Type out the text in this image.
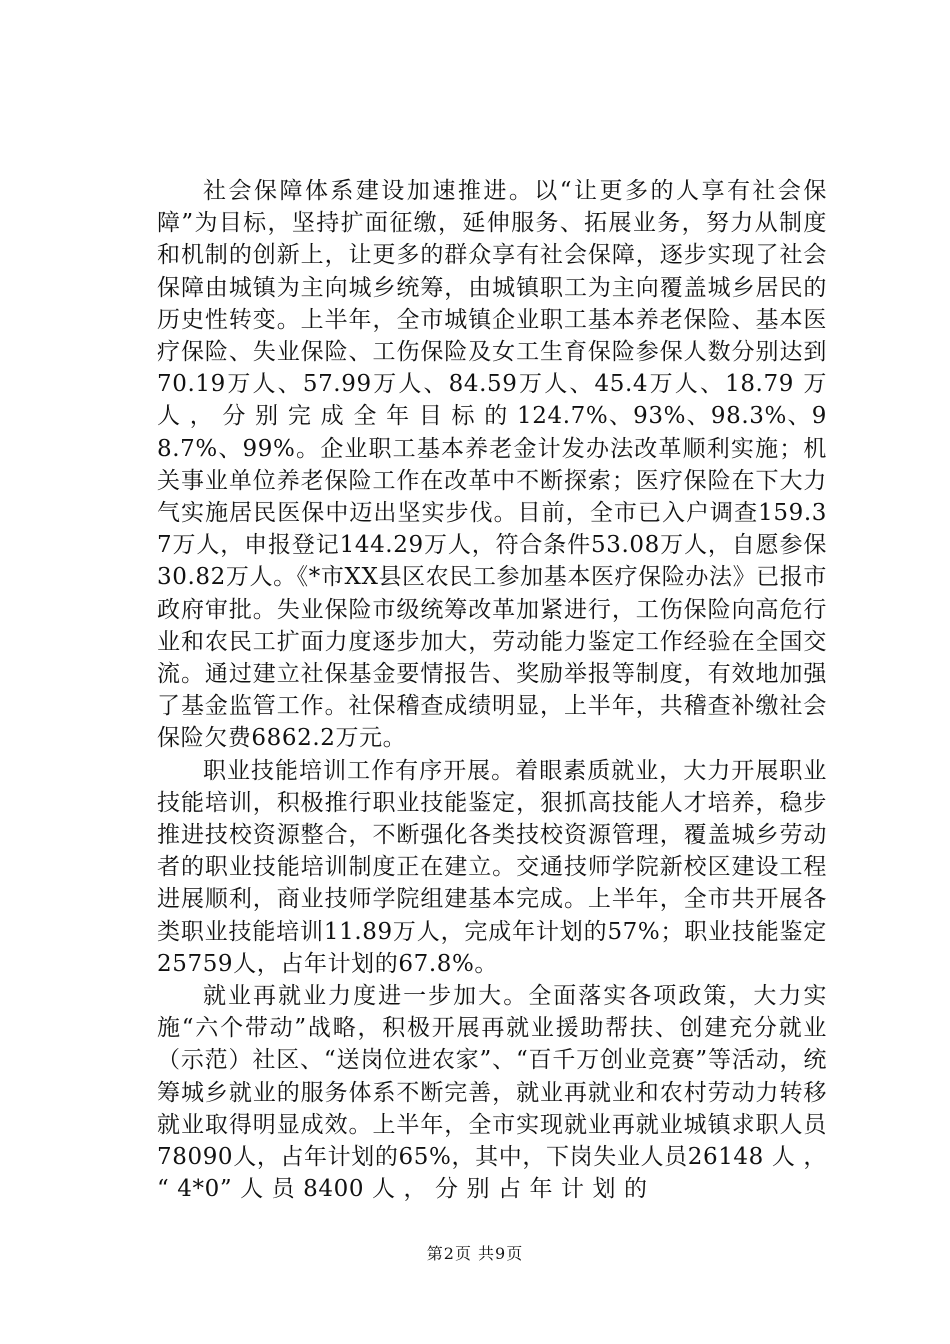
社会保障体系建设加速推进。以“让更多的人享有社会保障”为目标，坚持扩面征缴，延伸服务、拓展业务，努力从制度和机制的创新上，让更多的群众享有社会保障，逐步实现了社会保障由城镇为主向城乡统筹，由城镇职工为主向覆盖城乡居民的历史性转变。上半年，全市城镇企业职工基本养老保险、基本医疗保险、失业保险、工伤保险及女工生育保险参保人数分别达到70.19万人、57.99万人、84.59万人、45.4万人、18.79 万 人 ， 分 别 完 成 全 年 目 标 的 124.7%、93%、98.3%、98.7%、99%。企业职工基本养老金计发办法改革顺利实施；机关事业单位养老保险工作在改革中不断探索；医疗保险在下大力气实施居民医保中迈出坚实步伐。目前，全市已入户调查159.37万人，申报登记144.29万人，符合条件53.08万人，自愿参保30.82万人。《*市XX县区农民工参加基本医疗保险办法》已报市政府审批。失业保险市级统筹改革加紧进行，工伤保险向高危行业和农民工扩面力度逐步加大，劳动能力鉴定工作经验在全国交流。通过建立社保基金要情报告、奖励举报等制度，有效地加强了基金监管工作。社保稽查成绩明显，上半年，共稽查补缴社会保险欠费6862.2万元。

职业技能培训工作有序开展。着眼素质就业，大力开展职业技能培训，积极推行职业技能鉴定，狠抓高技能人才培养，稳步推进技校资源整合，不断强化各类技校资源管理，覆盖城乡劳动者的职业技能培训制度正在建立。交通技师学院新校区建设工程进展顺利，商业技师学院组建基本完成。上半年，全市共开展各类职业技能培训11.89万人，完成年计划的57%；职业技能鉴定25759人，占年计划的67.8%。

就业再就业力度进一步加大。全面落实各项政策，大力实施“六个带动”战略，积极开展再就业援助帮扶、创建充分就业（示范）社区、“送岗位进农家”、“百千万创业竞赛”等活动，统筹城乡就业的服务体系不断完善，就业再就业和农村劳动力转移就业取得明显成效。上半年，全市实现就业再就业城镇求职人员78090人，占年计划的65%，其中，下岗失业人员26148 人 ， “ 4*0” 人 员 8400 人 ， 分 别 占 年 计 划 的

第2页 共9页
